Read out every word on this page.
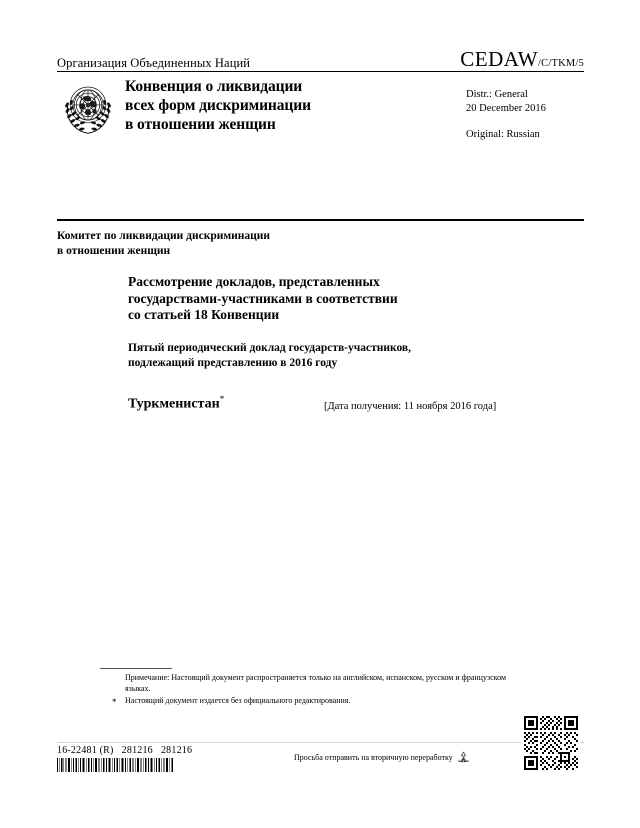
Организация Объединенных Наций	CEDAW /C/TKM/5
Конвенция о ликвидации
всех форм дискриминации
в отношении женщин
Distr.: General
20 December 2016
Original: Russian
Комитет по ликвидации дискриминации
в отношении женщин
Рассмотрение докладов, представленных
государствами-участниками в соответствии
со статьей 18 Конвенции
Пятый периодический доклад государств-участников,
подлежащий представлению в 2016 году
Туркменистан*
[Дата получения: 11 ноября 2016 года]
Примечание: Настоящий документ распространяется только на английском, испанском, русском и французском языках.
* Настоящий документ издается без официального редактирования.
16-22481 (R) 281216 281216
Просьба отправить на вторичную переработку
